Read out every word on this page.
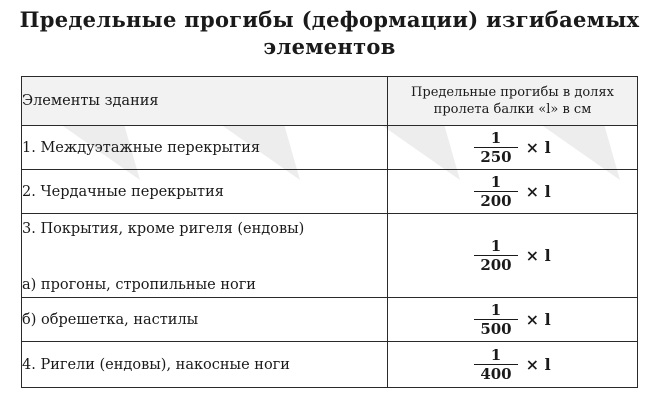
Предельные прогибы (деформации) изгибаемых
элементов
Элементы здания	Предельные прогибы в долях пролета балки «l» в см
1. Междуэтажные перекрытия	$\frac{1}{250} \times l$

2. Чердачные перекрытия	$\frac{1}{200} \times l$

3. Покрытия, кроме ригеля (ендовы)
а) прогоны, стропильные ноги	$\frac{1}{200} \times l$

б) обрешетка, настилы	$\frac{1}{500} \times l$

4. Ригели (ендовы), накосные ноги	$\frac{1}{400} \times l$
